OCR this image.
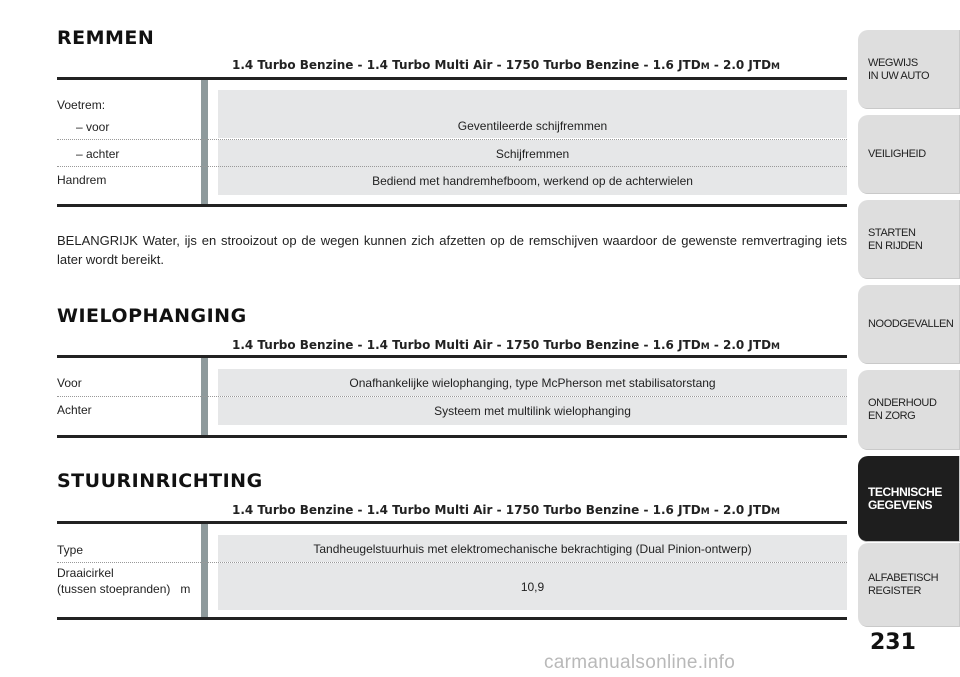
REMMEN
1.4 Turbo Benzine - 1.4 Turbo Multi Air - 1750 Turbo Benzine - 1.6 JTDM - 2.0 JTDM
Geventileerde schijfremmen
Schijfremmen
Bediend met handremhefboom, werkend op de achterwielen
Voetrem:
– voor
– achter
Handrem

BELANGRIJK Water, ijs en strooizout op de wegen kunnen zich afzetten op de remschijven waardoor de gewenste remvertraging iets later wordt bereikt.

WIELOPHANGING
1.4 Turbo Benzine - 1.4 Turbo Multi Air - 1750 Turbo Benzine - 1.6 JTDM - 2.0 JTDM
Onafhankelijke wielophanging, type McPherson met stabilisatorstang
Systeem met multilink wielophanging
Voor
Achter
STUURINRICHTING
1.4 Turbo Benzine - 1.4 Turbo Multi Air - 1750 Turbo Benzine - 1.6 JTDM - 2.0 JTDM
Tandheugelstuurhuis met elektromechanische bekrachtiging (Dual Pinion-ontwerp)
10,9
Type
Draaicirkel
(tussen stoepranden)   m
WEGWIJS
IN UW AUTO
VEILIGHEID
STARTEN
EN RIJDEN
NOODGEVALLEN
ONDERHOUD
EN ZORG
TECHNISCHE
GEGEVENS
ALFABETISCH
REGISTER
231
carmanualsonline.info
